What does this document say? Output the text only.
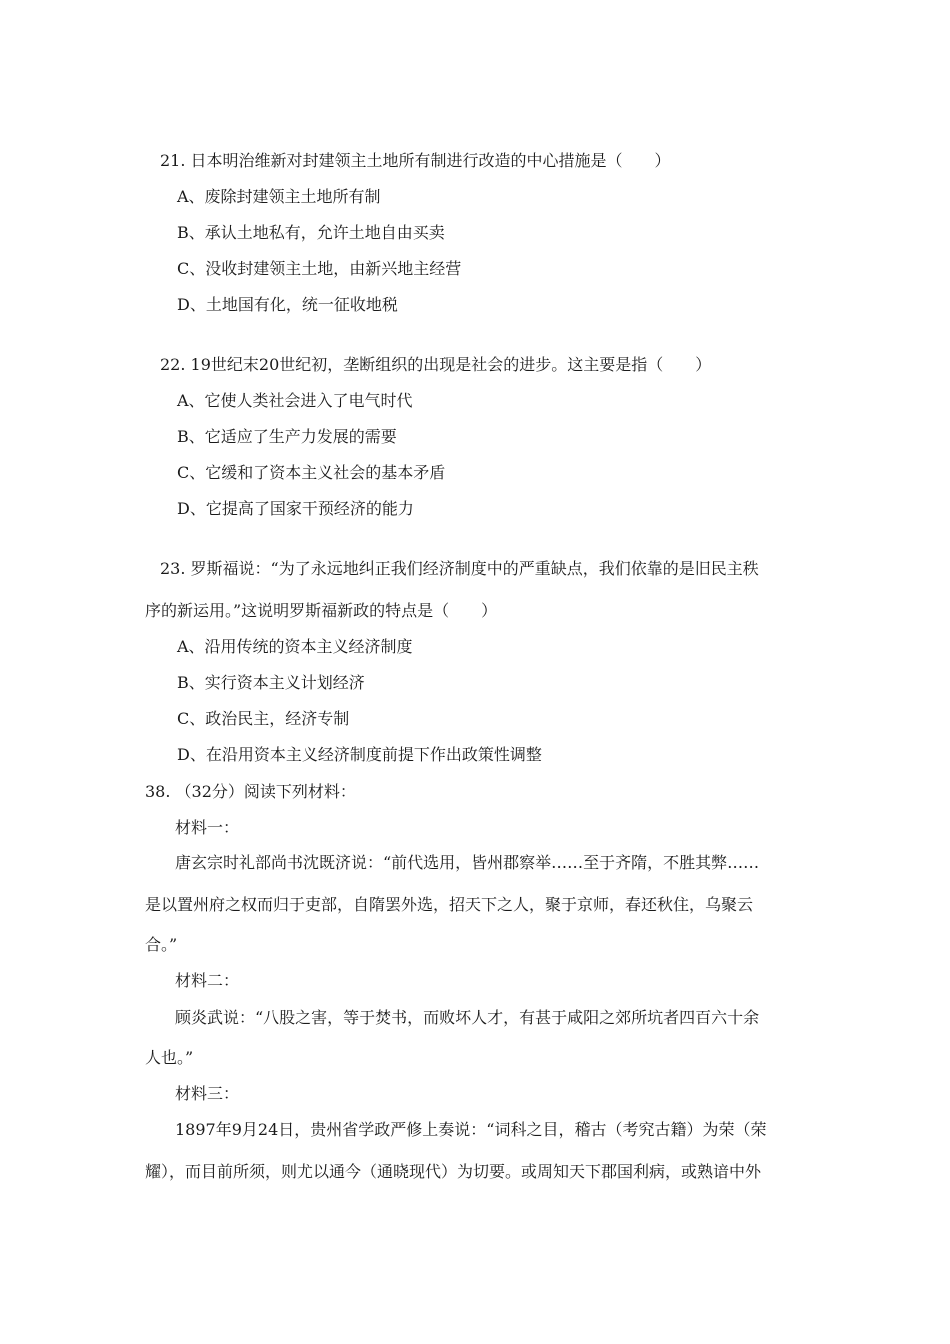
21. 日本明治维新对封建领主土地所有制进行改造的中心措施是（　　）
A、废除封建领主土地所有制
B、承认土地私有，允许土地自由买卖
C、没收封建领主土地，由新兴地主经营
D、土地国有化，统一征收地税
22. 19世纪末20世纪初，垄断组织的出现是社会的进步。这主要是指（　　）
A、它使人类社会进入了电气时代
B、它适应了生产力发展的需要
C、它缓和了资本主义社会的基本矛盾
D、它提高了国家干预经济的能力
23. 罗斯福说：“为了永远地纠正我们经济制度中的严重缺点，我们依靠的是旧民主秩
序的新运用。”这说明罗斯福新政的特点是（　　）
A、沿用传统的资本主义经济制度
B、实行资本主义计划经济
C、政治民主，经济专制
D、在沿用资本主义经济制度前提下作出政策性调整
38. （32分）阅读下列材料：
材料一：
唐玄宗时礼部尚书沈既济说：“前代选用，皆州郡察举……至于齐隋，不胜其弊……
是以置州府之权而归于吏部，自隋罢外选，招天下之人，聚于京师，春还秋住，乌聚云
合。”
材料二：
顾炎武说：“八股之害，等于焚书，而败坏人才，有甚于咸阳之郊所坑者四百六十余
人也。”
材料三：
1897年9月24日，贵州省学政严修上奏说：“词科之目，稽古（考究古籍）为荣（荣
耀），而目前所须，则尤以通今（通晓现代）为切要。或周知天下郡国利病，或熟谙中外
